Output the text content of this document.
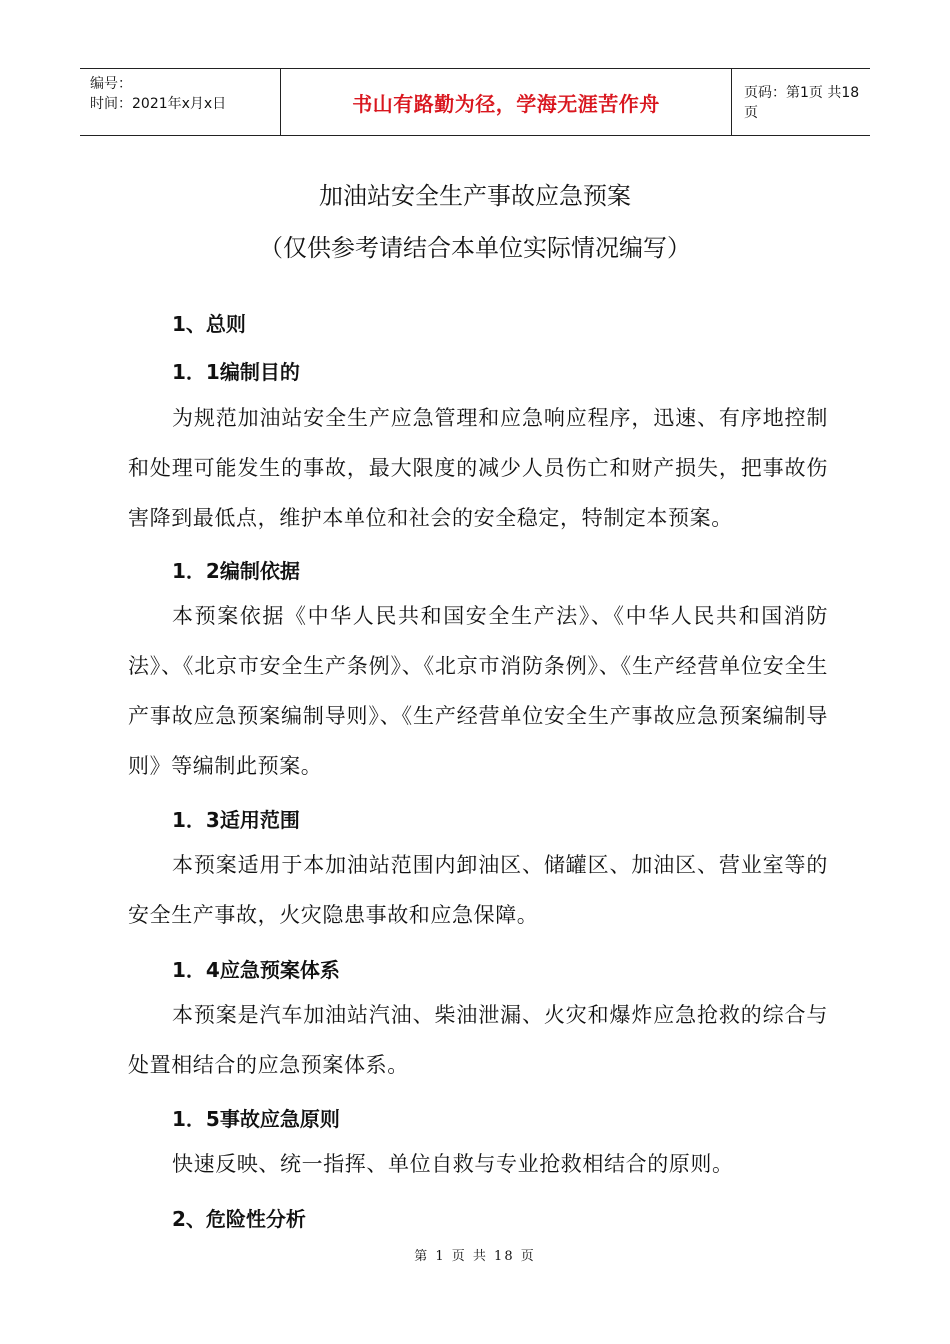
编号：
时间：2021年x月x日	书山有路勤为径，学海无涯苦作舟	页码：第1页 共18页
加油站安全生产事故应急预案
（仅供参考请结合本单位实际情况编写）
1、总则
1．1编制目的
为规范加油站安全生产应急管理和应急响应程序，迅速、有序地控制和处理可能发生的事故，最大限度的减少人员伤亡和财产损失，把事故伤害降到最低点，维护本单位和社会的安全稳定，特制定本预案。
1．2编制依据
本预案依据《中华人民共和国安全生产法》、《中华人民共和国消防法》、《北京市安全生产条例》、《北京市消防条例》、《生产经营单位安全生产事故应急预案编制导则》、《生产经营单位安全生产事故应急预案编制导则》等编制此预案。
1．3适用范围
本预案适用于本加油站范围内卸油区、储罐区、加油区、营业室等的安全生产事故，火灾隐患事故和应急保障。
1．4应急预案体系
本预案是汽车加油站汽油、柴油泄漏、火灾和爆炸应急抢救的综合与处置相结合的应急预案体系。
1．5事故应急原则
快速反映、统一指挥、单位自救与专业抢救相结合的原则。
2、危险性分析
第 1 页 共 18 页
